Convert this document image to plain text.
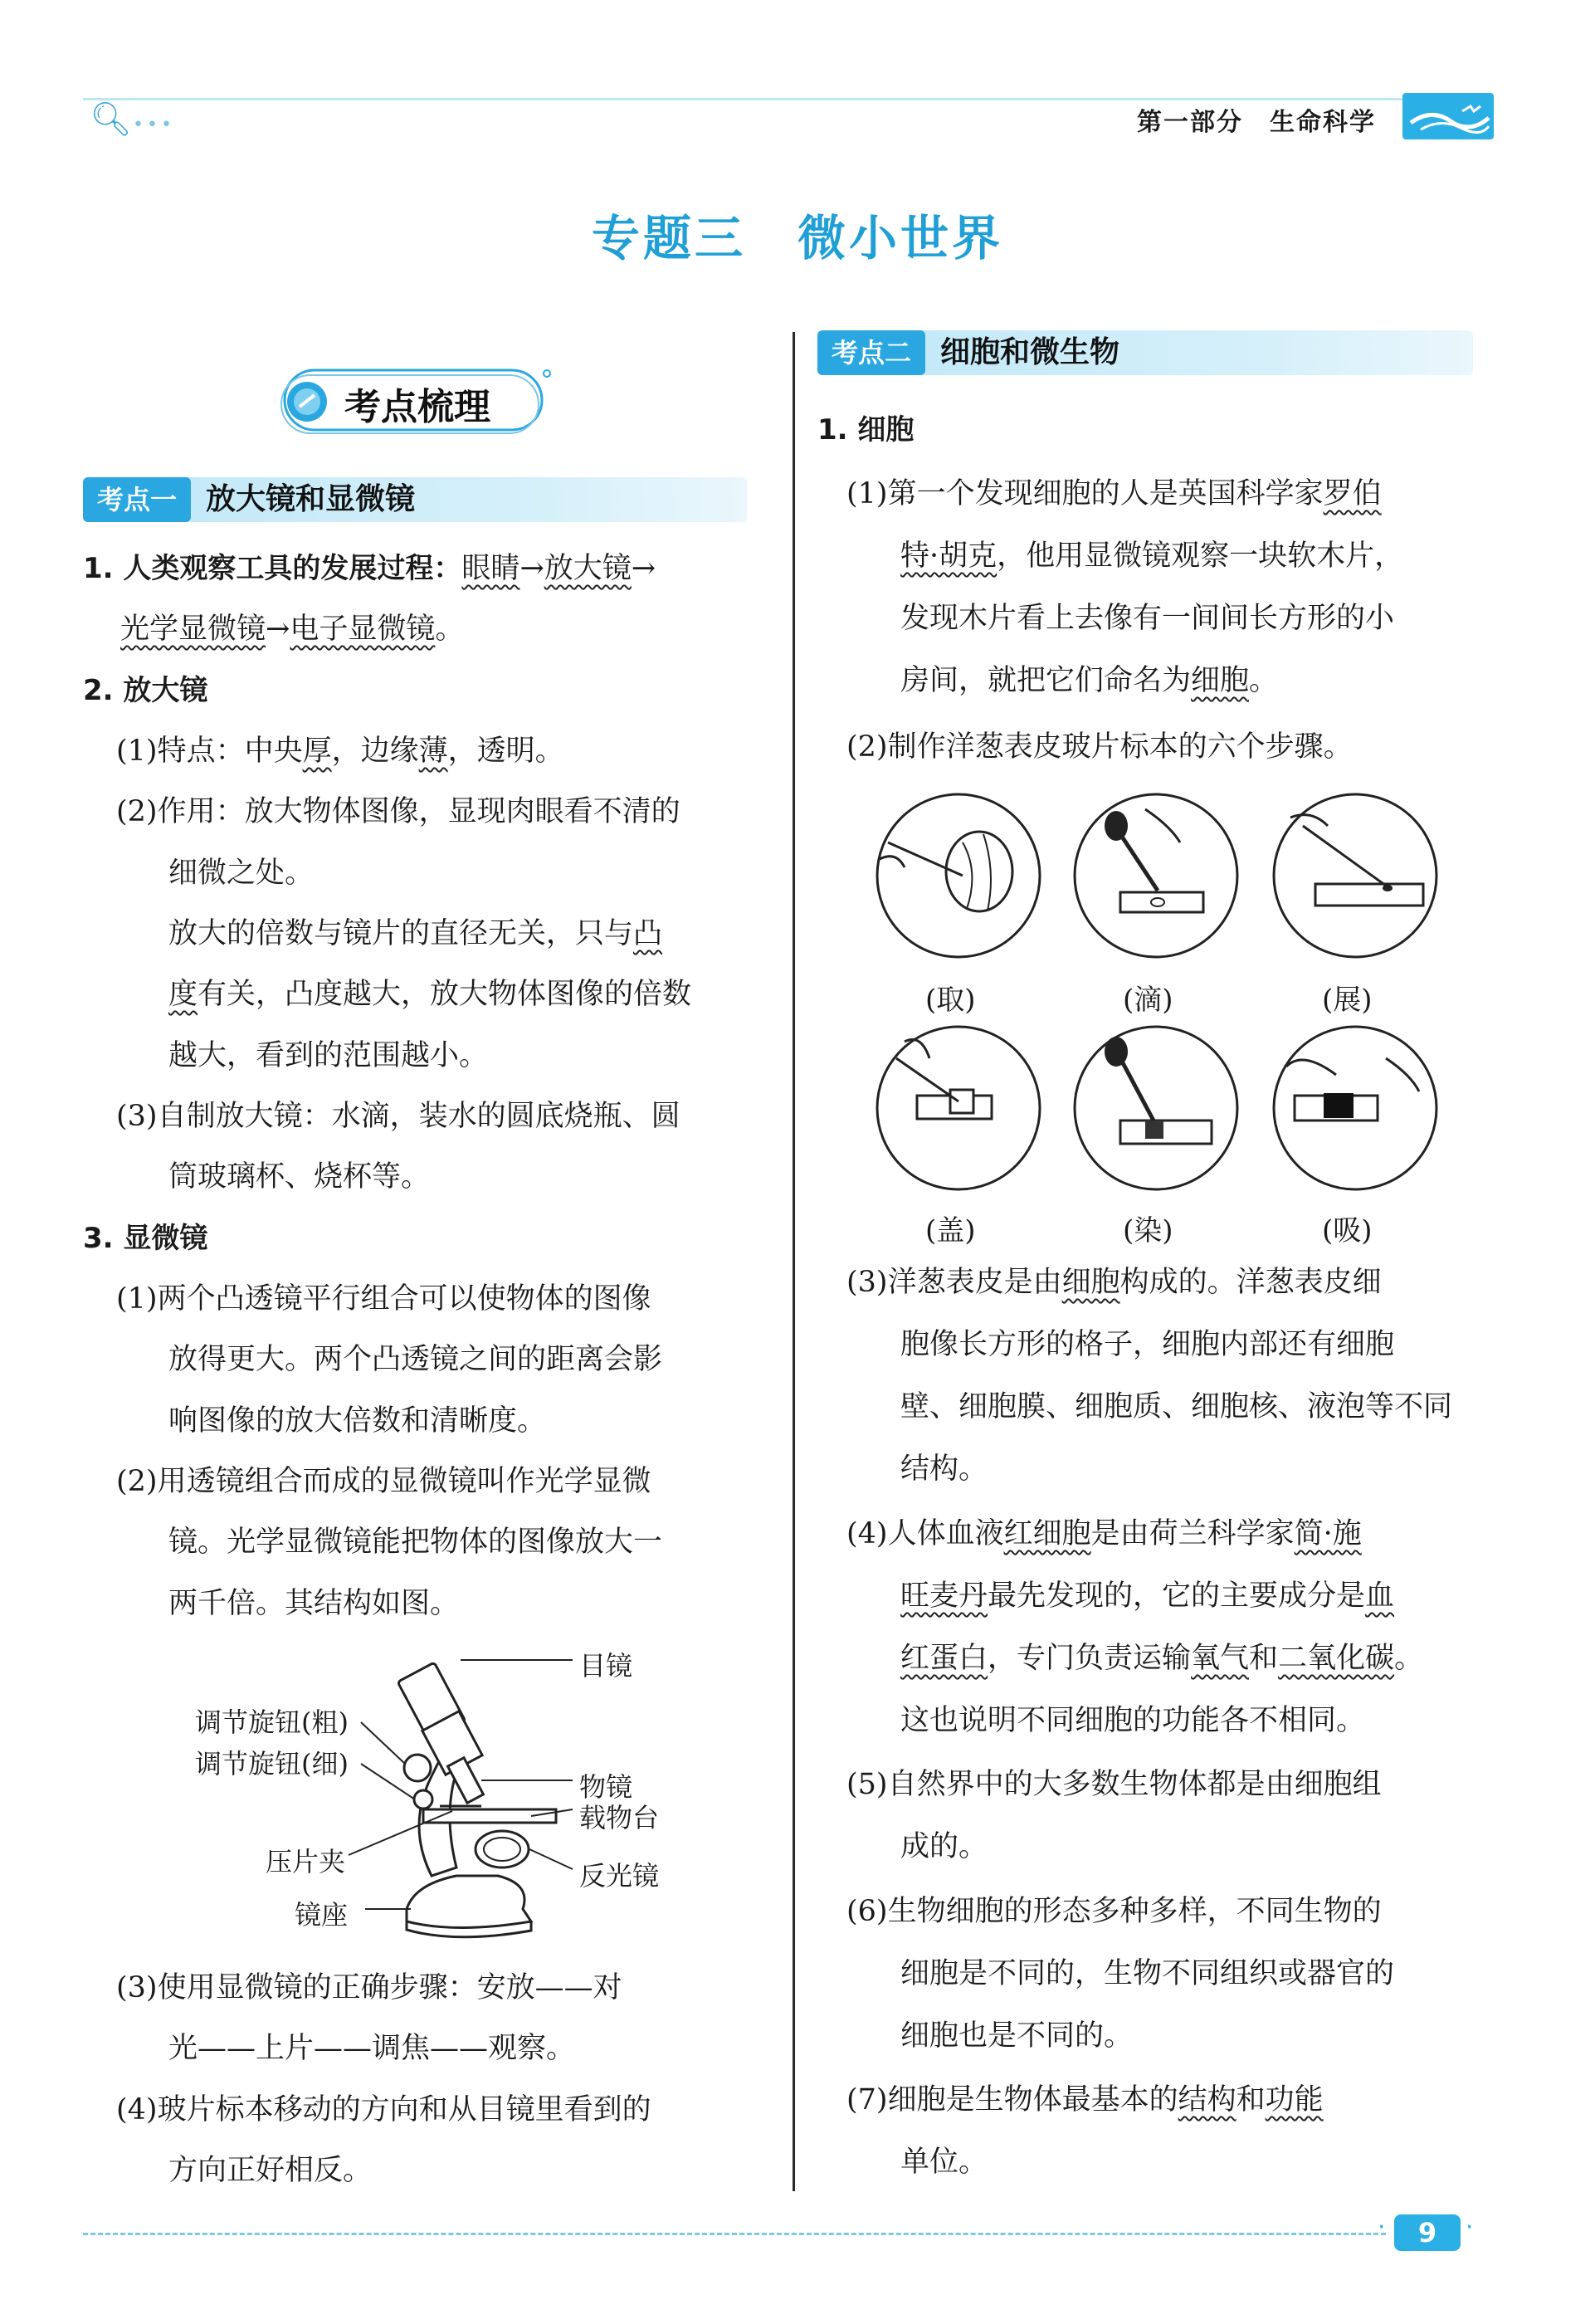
🔍︎ •••	第一部分　生命科学
专题三　微小世界
考点梳理
考点一 放大镜和显微镜
考点二 细胞和微生物
1. 人类观察工具的发展过程：眼睛→放大镜→
光学显微镜→电子显微镜。
2. 放大镜
(1)特点：中央厚，边缘薄，透明。
(2)作用：放大物体图像，显现肉眼看不清的
细微之处。
放大的倍数与镜片的直径无关，只与凸
度有关，凸度越大，放大物体图像的倍数
越大，看到的范围越小。
(3)自制放大镜：水滴，装水的圆底烧瓶、圆
筒玻璃杯、烧杯等。
3. 显微镜
(1)两个凸透镜平行组合可以使物体的图像
放得更大。两个凸透镜之间的距离会影
响图像的放大倍数和清晰度。
(2)用透镜组合而成的显微镜叫作光学显微
镜。光学显微镜能把物体的图像放大一
两千倍。其结构如图。
目镜
调节旋钮(粗)
调节旋钮(细)
物镜
载物台
压片夹	反光镜
镜座
(3)使用显微镜的正确步骤：安放——对
光——上片——调焦——观察。
(4)玻片标本移动的方向和从目镜里看到的
方向正好相反。
1. 细胞
(1)第一个发现细胞的人是英国科学家罗伯
特·胡克，他用显微镜观察一块软木片，
发现木片看上去像有一间间长方形的小
房间，就把它们命名为细胞。
(2)制作洋葱表皮玻片标本的六个步骤。
(取)	(滴)	(展)
(盖)	(染)	(吸)
(3)洋葱表皮是由细胞构成的。洋葱表皮细
胞像长方形的格子，细胞内部还有细胞
壁、细胞膜、细胞质、细胞核、液泡等不同
结构。
(4)人体血液红细胞是由荷兰科学家简·施
旺麦丹最先发现的，它的主要成分是血
红蛋白，专门负责运输氧气和二氧化碳。
这也说明不同细胞的功能各不相同。
(5)自然界中的大多数生物体都是由细胞组
成的。
(6)生物细胞的形态多种多样，不同生物的
细胞是不同的，生物不同组织或器官的
细胞也是不同的。
(7)细胞是生物体最基本的结构和功能
单位。
·	9	·
